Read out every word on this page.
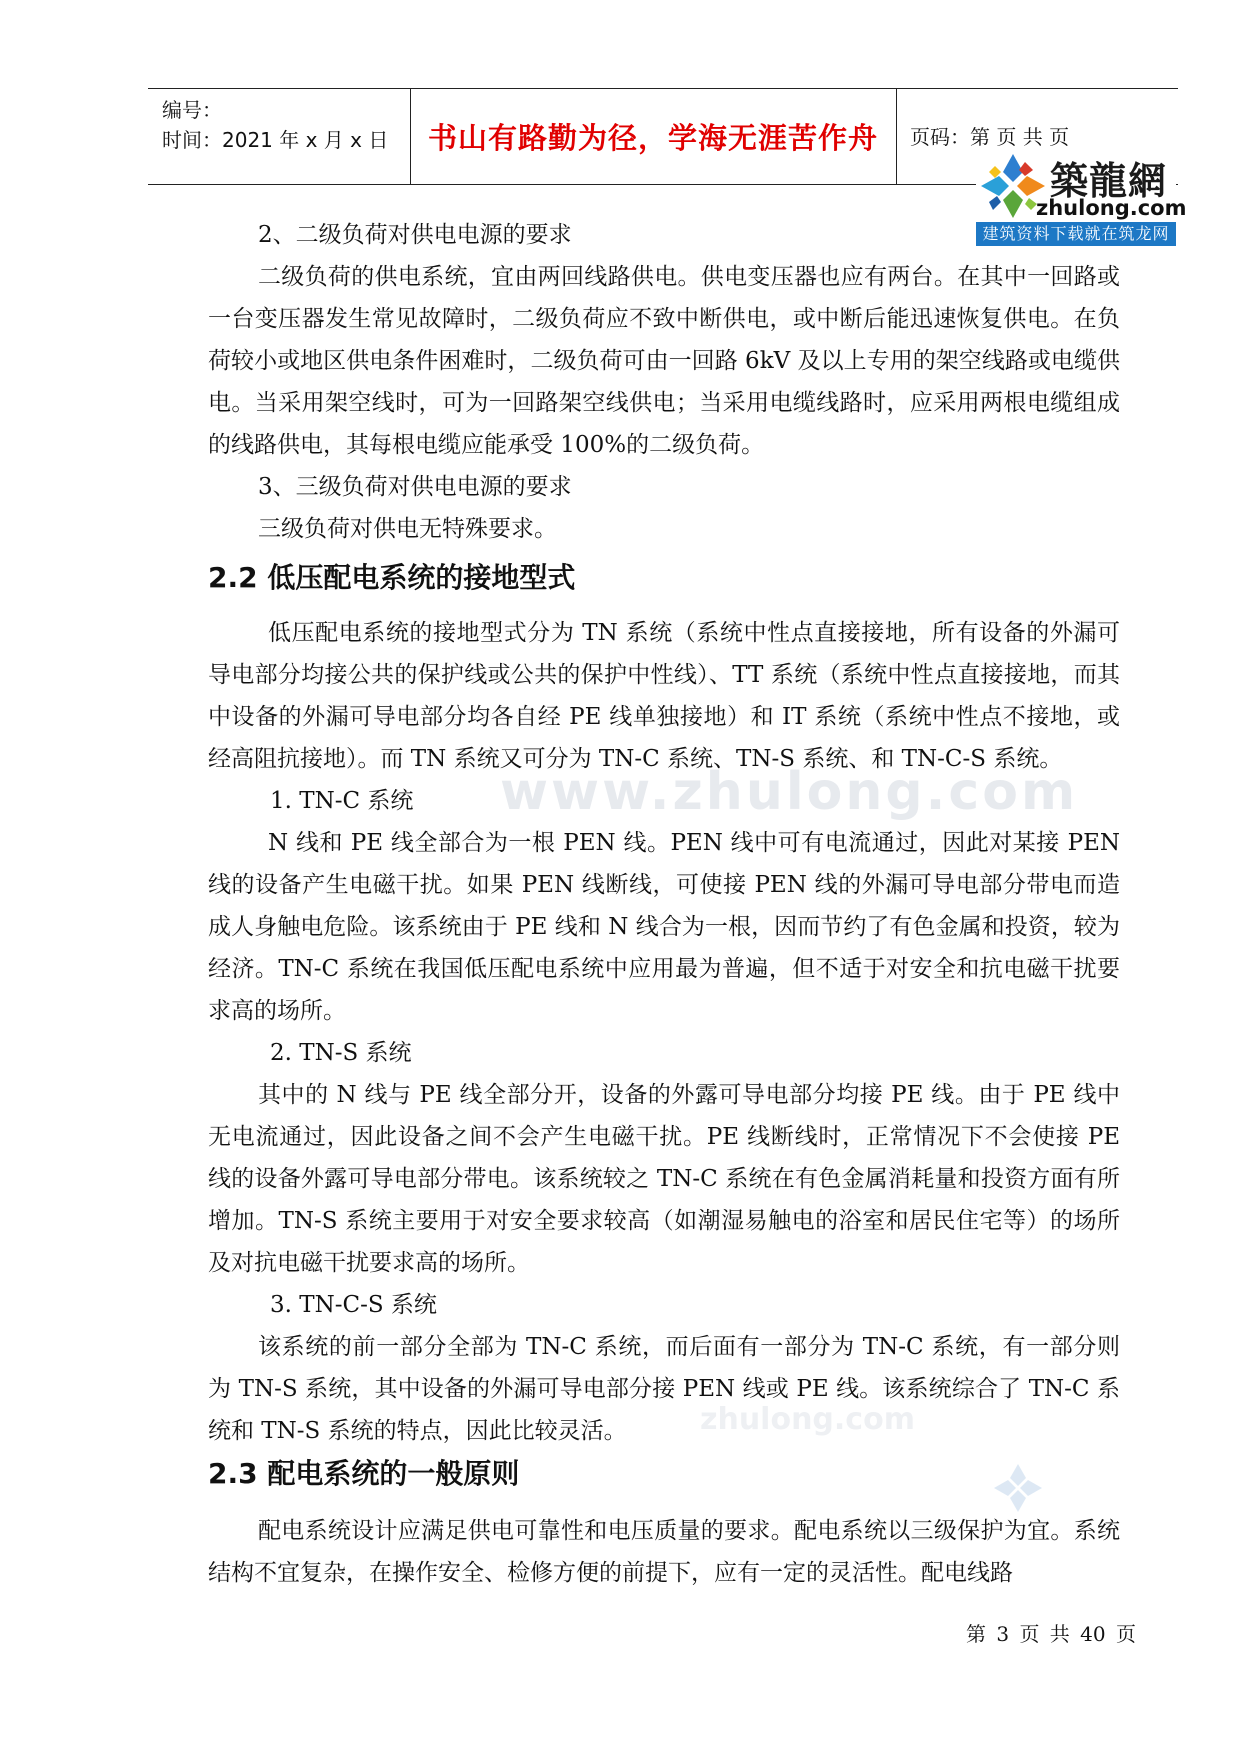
编号：
时间：2021 年 x 月 x 日	书山有路勤为径，学海无涯苦作舟	页码：第 页 共 页
築龍網
zhulong.com
建筑资料下载就在筑龙网
www.zhulong.com
zhulong.com

2、二级负荷对供电电源的要求

二级负荷的供电系统，宜由两回线路供电。供电变压器也应有两台。在其中一回路或一台变压器发生常见故障时，二级负荷应不致中断供电，或中断后能迅速恢复供电。在负荷较小或地区供电条件困难时，二级负荷可由一回路 6kV 及以上专用的架空线路或电缆供电。当采用架空线时，可为一回路架空线供电；当采用电缆线路时，应采用两根电缆组成的线路供电，其每根电缆应能承受 100%的二级负荷。

3、三级负荷对供电电源的要求

三级负荷对供电无特殊要求。

2.2 低压配电系统的接地型式

低压配电系统的接地型式分为 TN 系统（系统中性点直接接地，所有设备的外漏可导电部分均接公共的保护线或公共的保护中性线）、TT 系统（系统中性点直接接地，而其中设备的外漏可导电部分均各自经 PE 线单独接地）和 IT 系统（系统中性点不接地，或经高阻抗接地）。而 TN 系统又可分为 TN-C 系统、TN-S 系统、和 TN-C-S 系统。

1. TN-C 系统

N 线和 PE 线全部合为一根 PEN 线。PEN 线中可有电流通过，因此对某接 PEN 线的设备产生电磁干扰。如果 PEN 线断线，可使接 PEN 线的外漏可导电部分带电而造成人身触电危险。该系统由于 PE 线和 N 线合为一根，因而节约了有色金属和投资，较为经济。TN-C 系统在我国低压配电系统中应用最为普遍，但不适于对安全和抗电磁干扰要求高的场所。

2. TN-S 系统

其中的 N 线与 PE 线全部分开，设备的外露可导电部分均接 PE 线。由于 PE 线中无电流通过，因此设备之间不会产生电磁干扰。PE 线断线时，正常情况下不会使接 PE 线的设备外露可导电部分带电。该系统较之 TN-C 系统在有色金属消耗量和投资方面有所增加。TN-S 系统主要用于对安全要求较高（如潮湿易触电的浴室和居民住宅等）的场所及对抗电磁干扰要求高的场所。

3. TN-C-S 系统

该系统的前一部分全部为 TN-C 系统，而后面有一部分为 TN-C 系统，有一部分则为 TN-S 系统，其中设备的外漏可导电部分接 PEN 线或 PE 线。该系统综合了 TN-C 系统和 TN-S 系统的特点，因此比较灵活。

2.3 配电系统的一般原则

配电系统设计应满足供电可靠性和电压质量的要求。配电系统以三级保护为宜。系统结构不宜复杂，在操作安全、检修方便的前提下，应有一定的灵活性。配电线路

第 3 页 共 40 页
